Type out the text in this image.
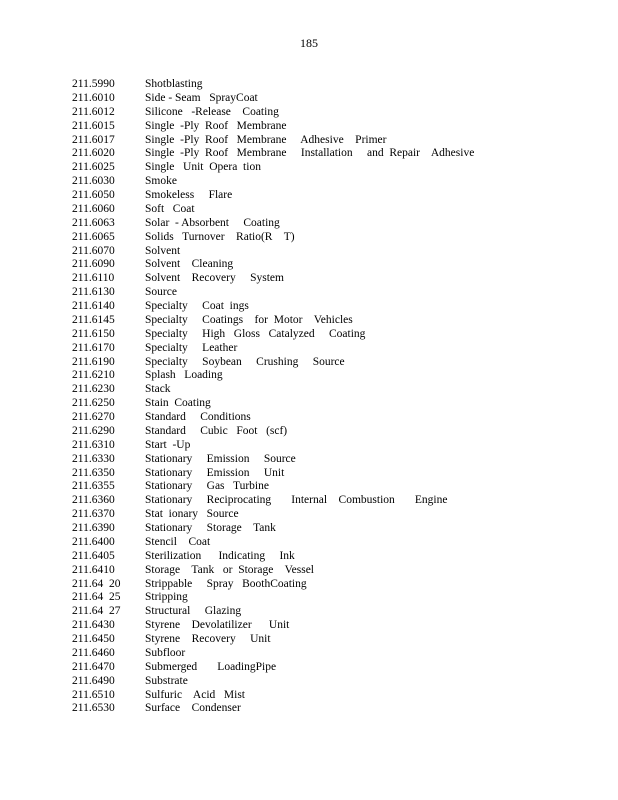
185
211.5990	Shotblasting
211.6010	Side - Seam   SprayCoat
211.6012	Silicone   -Release    Coating
211.6015	Single  -Ply  Roof   Membrane
211.6017	Single  -Ply  Roof   Membrane     Adhesive    Primer
211.6020	Single  -Ply  Roof   Membrane     Installation     and  Repair    Adhesive
211.6025	Single   Unit  Opera  tion
211.6030	Smoke
211.6050	Smokeless     Flare
211.6060	Soft   Coat
211.6063	Solar  - Absorbent     Coating
211.6065	Solids   Turnover    Ratio(R    T)
211.6070	Solvent
211.6090	Solvent    Cleaning
211.6110	Solvent    Recovery     System
211.6130	Source
211.6140	Specialty     Coat  ings
211.6145	Specialty     Coatings    for  Motor    Vehicles
211.6150	Specialty     High   Gloss   Catalyzed     Coating
211.6170	Specialty     Leather
211.6190	Specialty     Soybean     Crushing     Source
211.6210	Splash   Loading
211.6230	Stack
211.6250	Stain  Coating
211.6270	Standard     Conditions
211.6290	Standard     Cubic   Foot   (scf)
211.6310	Start  -Up
211.6330	Stationary     Emission     Source
211.6350	Stationary     Emission     Unit
211.6355	Stationary     Gas   Turbine
211.6360	Stationary     Reciprocating       Internal    Combustion       Engine
211.6370	Stat  ionary   Source
211.6390	Stationary     Storage    Tank
211.6400	Stencil    Coat
211.6405	Sterilization      Indicating     Ink
211.6410	Storage    Tank   or  Storage    Vessel
211.64  20	Strippable     Spray   BoothCoating
211.64  25	Stripping
211.64  27	Structural     Glazing
211.6430	Styrene    Devolatilizer      Unit
211.6450	Styrene    Recovery     Unit
211.6460	Subfloor
211.6470	Submerged       LoadingPipe
211.6490	Substrate
211.6510	Sulfuric    Acid   Mist
211.6530	Surface    Condenser
